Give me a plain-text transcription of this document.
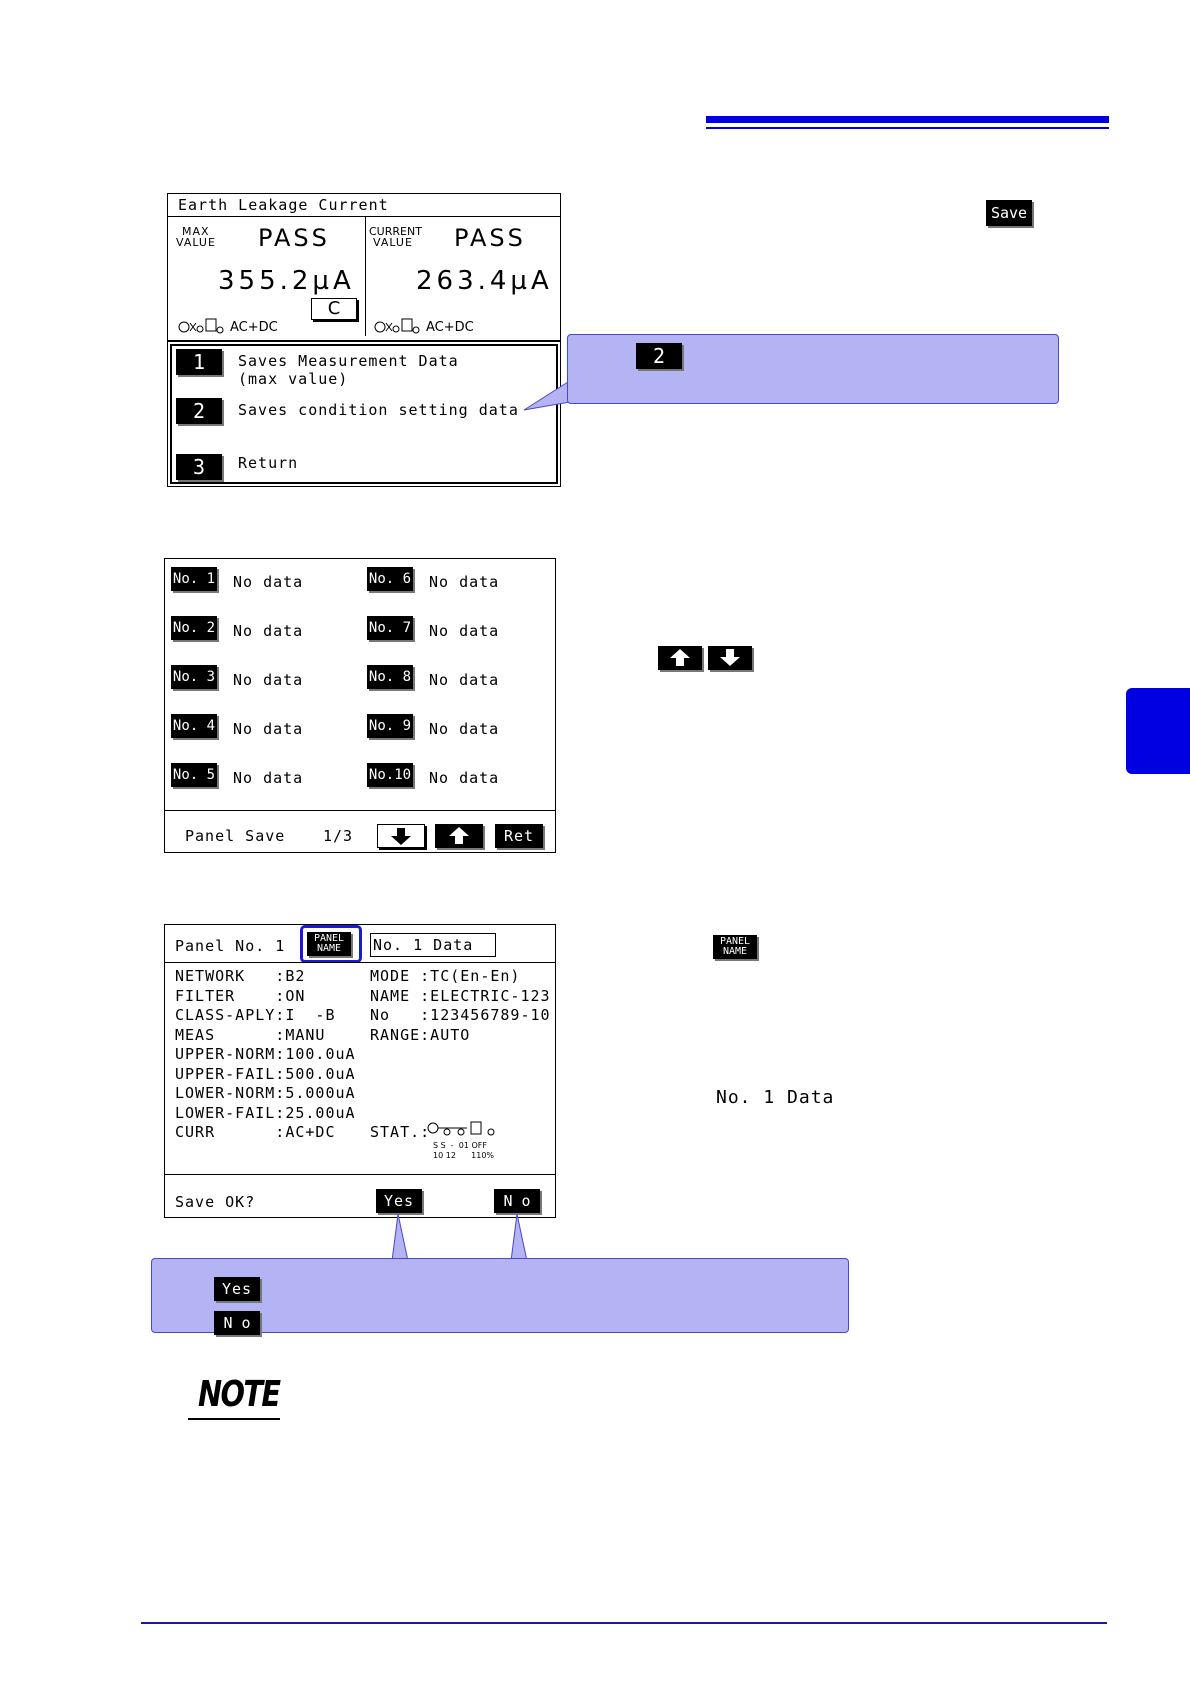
Save
Earth Leakage Current
MAX
VALUE PASS
355.2µA
AC+DC
C
CURRENT
VALUE PASS
263.4µA
AC+DC
1	Saves Measurement Data
(max value)
2	Saves condition setting data
3	Return
2
No. 1 No data
No. 2 No data
No. 3 No data
No. 4 No data
No. 5 No data
No. 6 No data
No. 7 No data
No. 8 No data
No. 9 No data
No.10 No data
Panel Save	1/3	Ret
Panel No. 1	PANEL
NAME	No. 1 Data
NETWORK   :B2
FILTER    :ON
CLASS-APLY:I  -B
MEAS      :MANU
UPPER-NORM:100.0uA
UPPER-FAIL:500.0uA
LOWER-NORM:5.000uA
LOWER-FAIL:25.00uA
CURR      :AC+DC
MODE :TC(En-En)
NAME :ELECTRIC-123
No   :123456789-10
RANGE:AUTO
STAT.:
S S  -  01 OFF
10 12      110%
Save OK?	Yes	N o
PANEL
NAME
No. 1 Data
Yes
N o
NOTE
